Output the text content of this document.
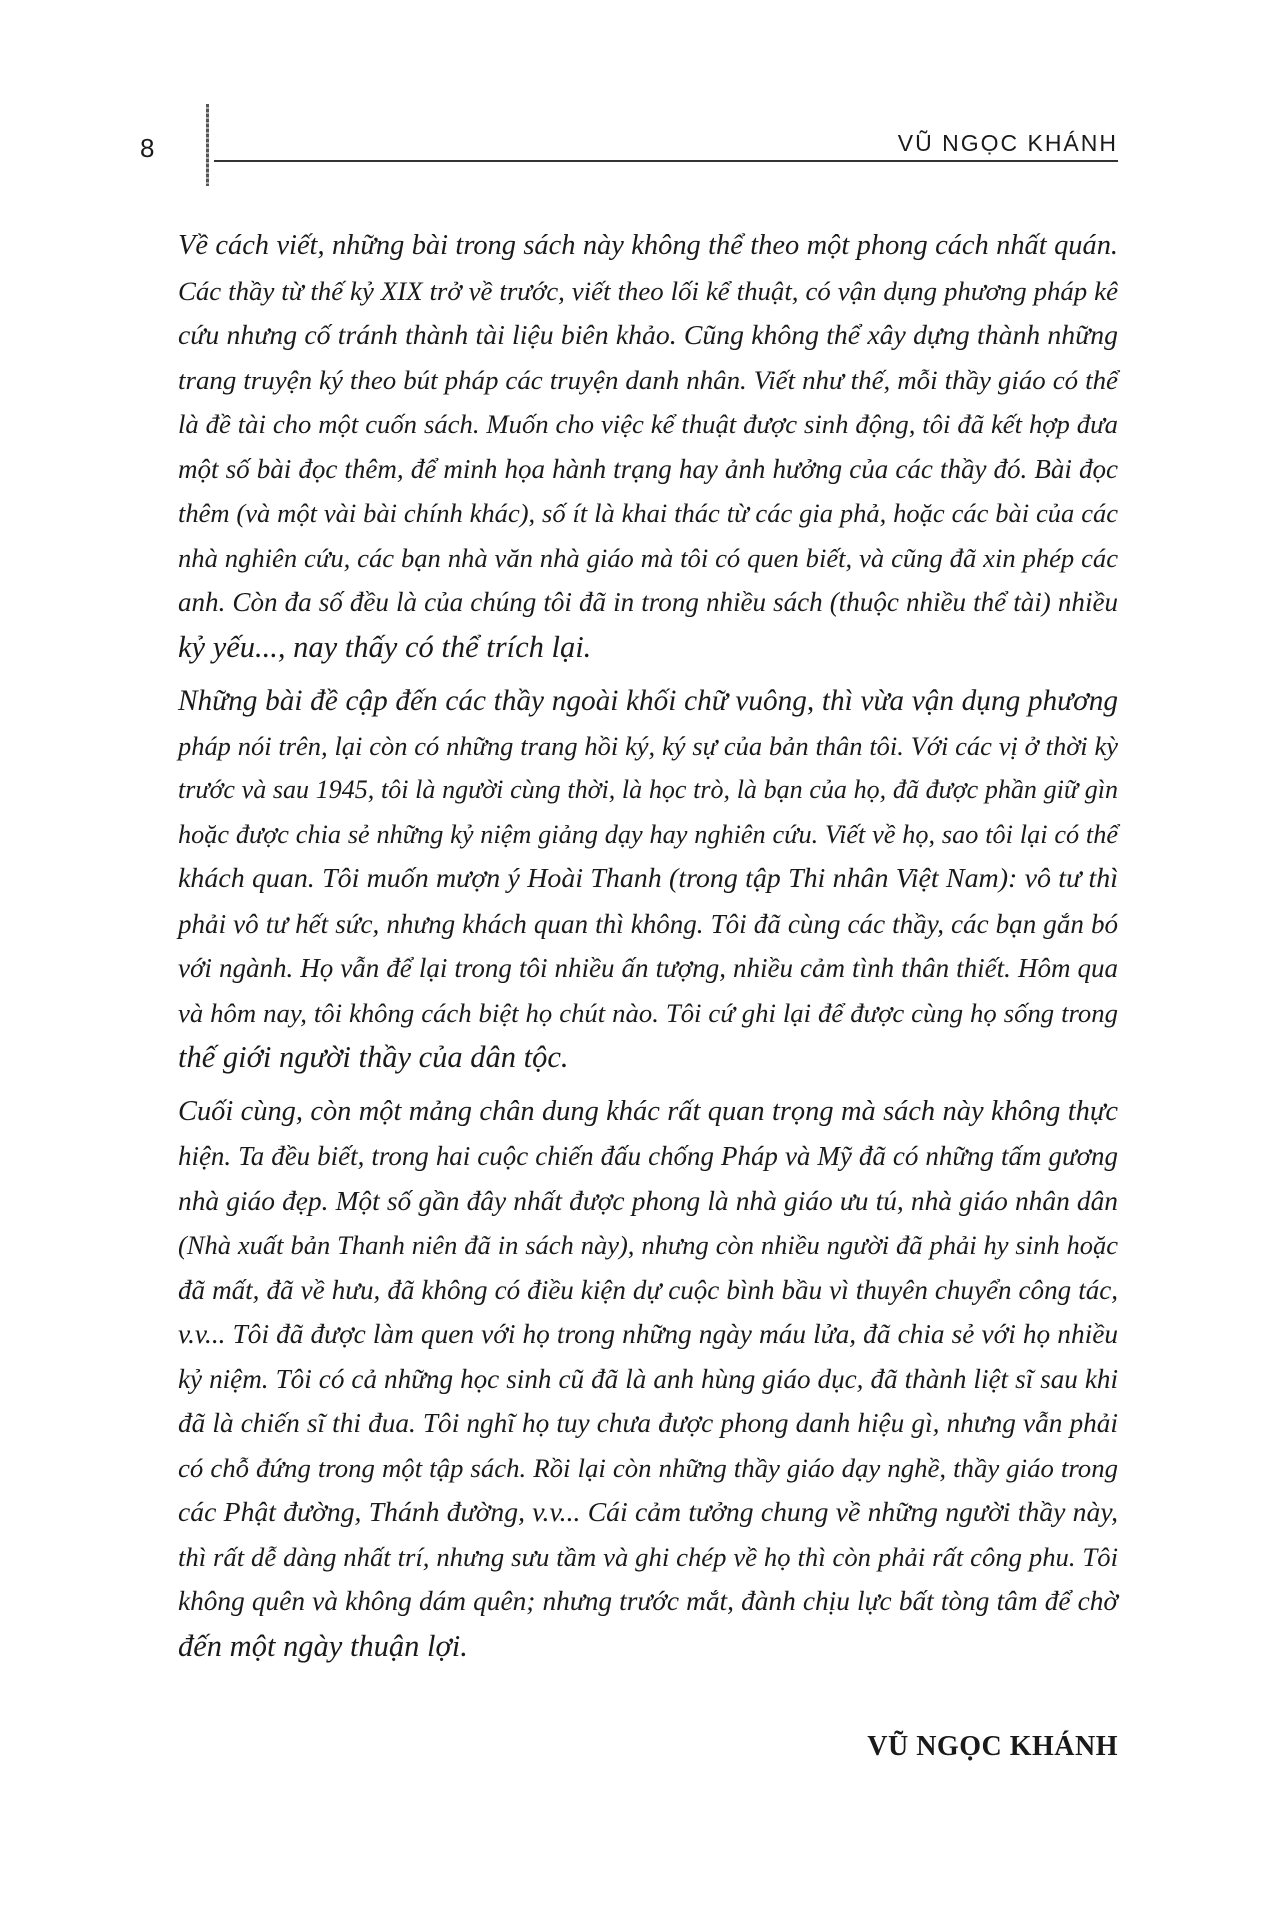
8	VŨ NGỌC KHÁNH

Về cách viết, những bài trong sách này không thể theo một phong cách nhất quán.
Các thầy từ thế kỷ XIX trở về trước, viết theo lối kể thuật, có vận dụng phương pháp kê
cứu nhưng cố tránh thành tài liệu biên khảo. Cũng không thể xây dựng thành những
trang truyện ký theo bút pháp các truyện danh nhân. Viết như thế, mỗi thầy giáo có thể
là đề tài cho một cuốn sách. Muốn cho việc kể thuật được sinh động, tôi đã kết hợp đưa
một số bài đọc thêm, để minh họa hành trạng hay ảnh hưởng của các thầy đó. Bài đọc
thêm (và một vài bài chính khác), số ít là khai thác từ các gia phả, hoặc các bài của các
nhà nghiên cứu, các bạn nhà văn nhà giáo mà tôi có quen biết, và cũng đã xin phép các
anh. Còn đa số đều là của chúng tôi đã in trong nhiều sách (thuộc nhiều thể tài) nhiều
kỷ yếu..., nay thấy có thể trích lại.

Những bài đề cập đến các thầy ngoài khối chữ vuông, thì vừa vận dụng phương
pháp nói trên, lại còn có những trang hồi ký, ký sự của bản thân tôi. Với các vị ở thời kỳ
trước và sau 1945, tôi là người cùng thời, là học trò, là bạn của họ, đã được phần giữ gìn
hoặc được chia sẻ những kỷ niệm giảng dạy hay nghiên cứu. Viết về họ, sao tôi lại có thể
khách quan. Tôi muốn mượn ý Hoài Thanh (trong tập Thi nhân Việt Nam): vô tư thì
phải vô tư hết sức, nhưng khách quan thì không. Tôi đã cùng các thầy, các bạn gắn bó
với ngành. Họ vẫn để lại trong tôi nhiều ấn tượng, nhiều cảm tình thân thiết. Hôm qua
và hôm nay, tôi không cách biệt họ chút nào. Tôi cứ ghi lại để được cùng họ sống trong
thế giới người thầy của dân tộc.

Cuối cùng, còn một mảng chân dung khác rất quan trọng mà sách này không thực
hiện. Ta đều biết, trong hai cuộc chiến đấu chống Pháp và Mỹ đã có những tấm gương
nhà giáo đẹp. Một số gần đây nhất được phong là nhà giáo ưu tú, nhà giáo nhân dân
(Nhà xuất bản Thanh niên đã in sách này), nhưng còn nhiều người đã phải hy sinh hoặc
đã mất, đã về hưu, đã không có điều kiện dự cuộc bình bầu vì thuyên chuyển công tác,
v.v... Tôi đã được làm quen với họ trong những ngày máu lửa, đã chia sẻ với họ nhiều
kỷ niệm. Tôi có cả những học sinh cũ đã là anh hùng giáo dục, đã thành liệt sĩ sau khi
đã là chiến sĩ thi đua. Tôi nghĩ họ tuy chưa được phong danh hiệu gì, nhưng vẫn phải
có chỗ đứng trong một tập sách. Rồi lại còn những thầy giáo dạy nghề, thầy giáo trong
các Phật đường, Thánh đường, v.v... Cái cảm tưởng chung về những người thầy này,
thì rất dễ dàng nhất trí, nhưng sưu tầm và ghi chép về họ thì còn phải rất công phu. Tôi
không quên và không dám quên; nhưng trước mắt, đành chịu lực bất tòng tâm để chờ
đến một ngày thuận lợi.

VŨ NGỌC KHÁNH
